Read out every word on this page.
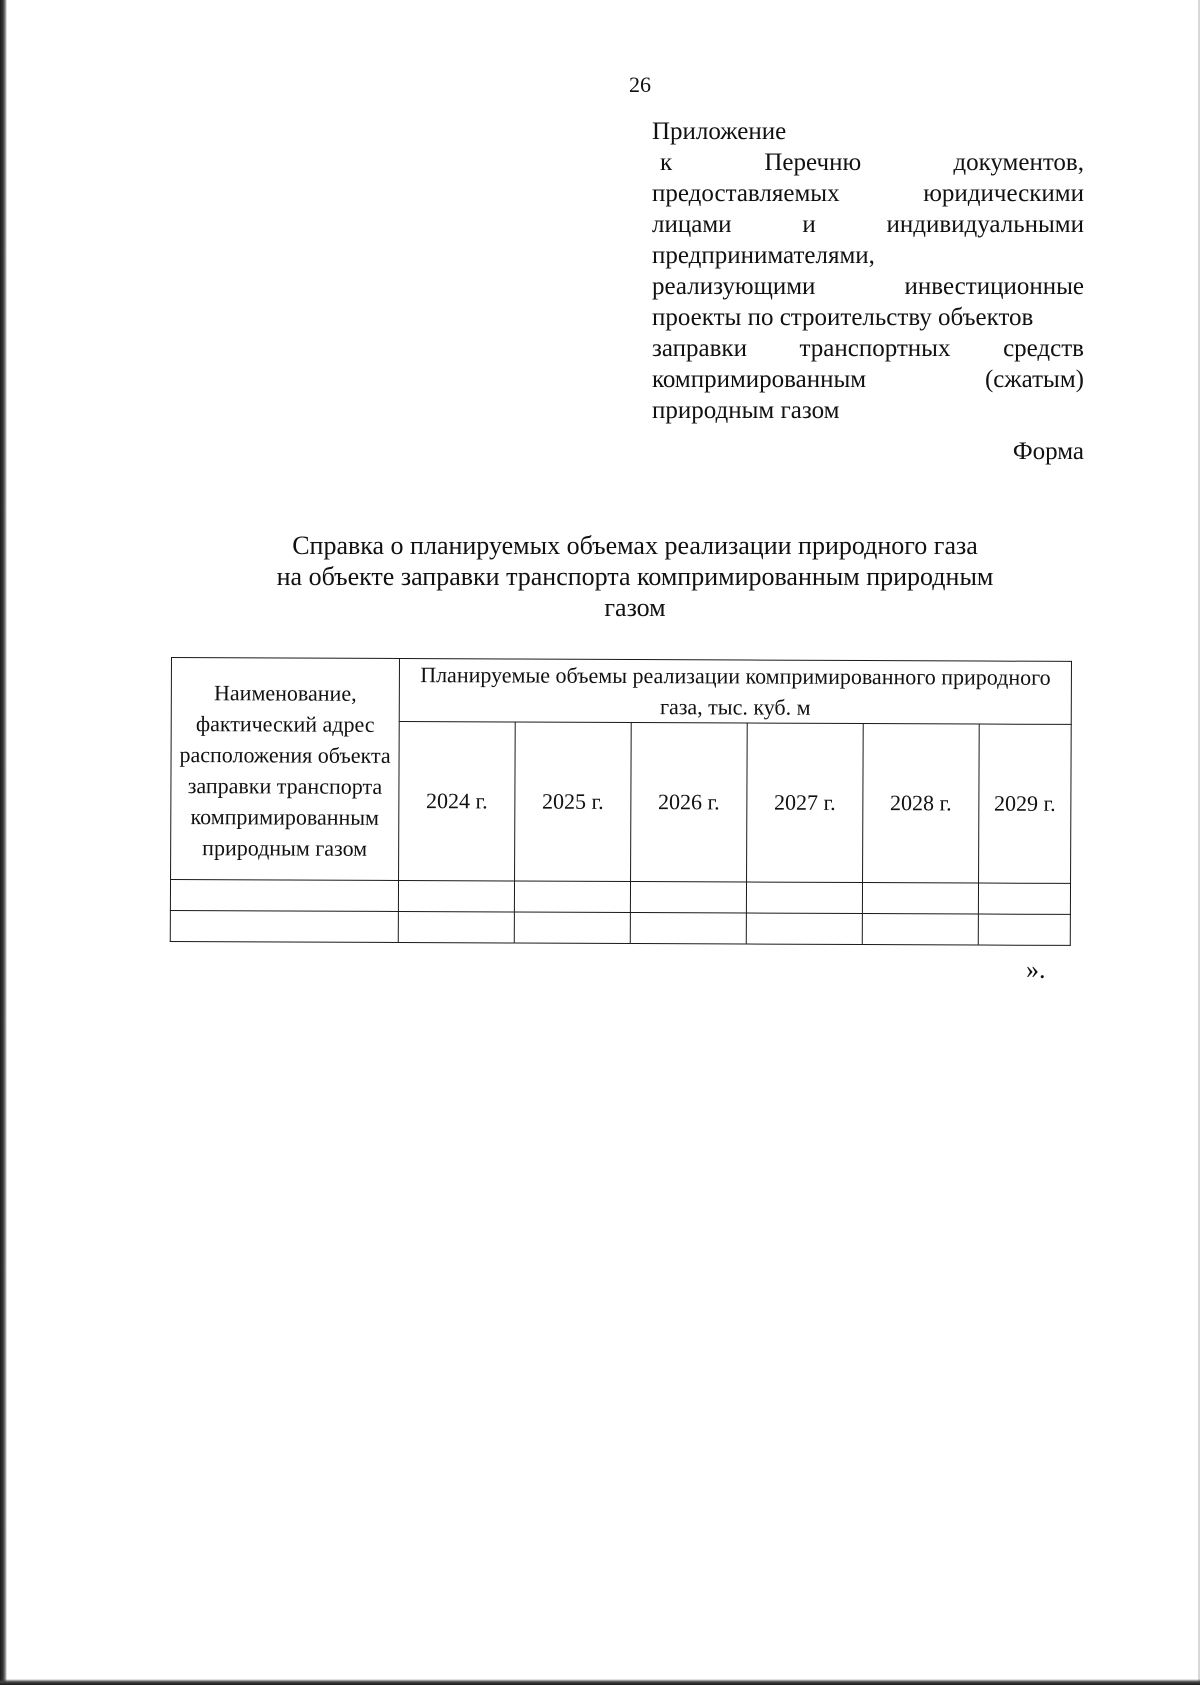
26
Приложение
к	Перечню	документов,
предоставляемых	юридическими
лицами	и	индивидуальными
предпринимателями,
реализующими	инвестиционные
проекты по строительству объектов
заправки транспортных средств
компримированным	(сжатым)
природным газом
Форма
Справка о планируемых объемах реализации природного газа
на объекте заправки транспорта компримированным природным
газом
Наименование, фактический адрес расположения объекта заправки транспорта компримированным природным газом	Планируемые объемы реализации компримированного природного газа, тыс. куб. м					
	2024 г.	2025 г.	2026 г.	2027 г.	2028 г.	2029 г.

».
